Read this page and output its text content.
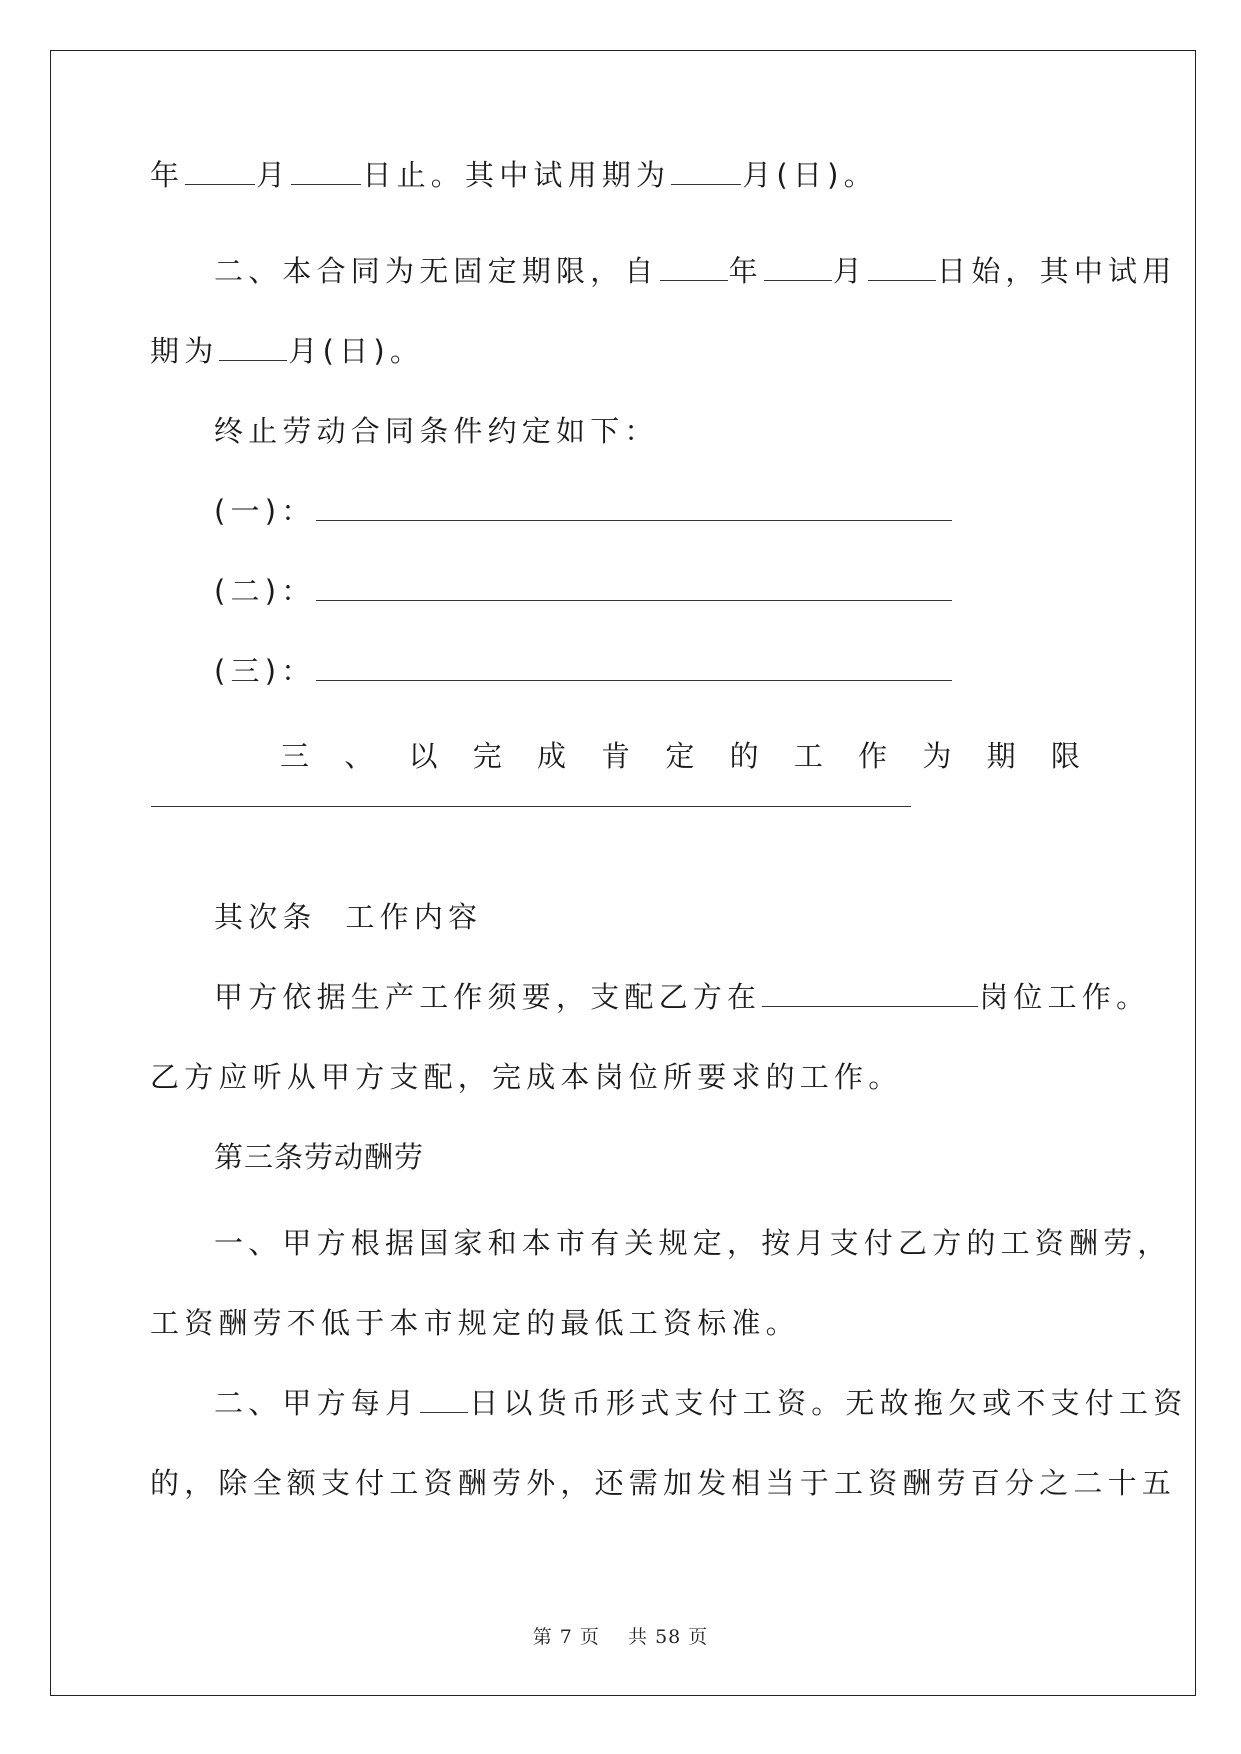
年 月 日止。其中试用期为 月(日)。
二、本合同为无固定期限，自 年 月 日始，其中试用
期为 月(日)。
终止劳动合同条件约定如下：
(一)：
(二)：
(三)：
三 、 以 完 成 肯 定 的 工 作 为 期 限
其次条  工作内容
甲方依据生产工作须要，支配乙方在	岗位工作。
乙方应听从甲方支配，完成本岗位所要求的工作。
第三条劳动酬劳
一、甲方根据国家和本市有关规定，按月支付乙方的工资酬劳，
工资酬劳不低于本市规定的最低工资标准。
二、甲方每月 日以货币形式支付工资。无故拖欠或不支付工资
的，除全额支付工资酬劳外，还需加发相当于工资酬劳百分之二十五
第 7 页    共 58 页
